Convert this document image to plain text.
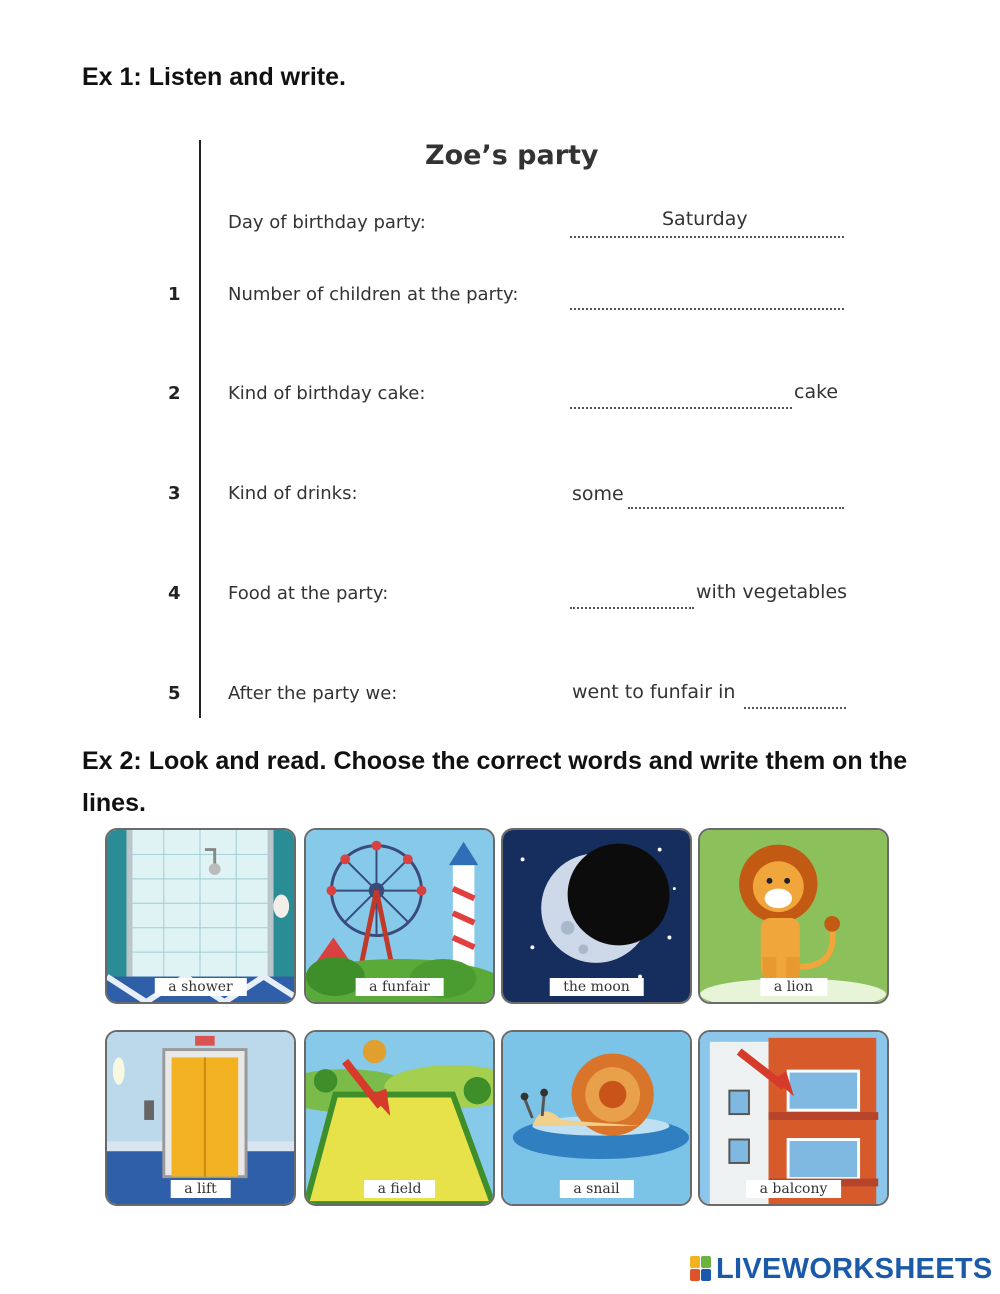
Ex 1: Listen and write.
Zoe’s party
Day of birthday party:	Saturday
1	Number of children at the party:
2	Kind of birthday cake:	cake
3	Kind of drinks:	some
4	Food at the party:	with vegetables
5	After the party we:	went to funfair in
Ex 2: Look and read. Choose the correct words and write them on the lines.
a shower	a funfair	the moon	a lion
a lift	a field	a snail	a balcony
LIVEWORKSHEETS
